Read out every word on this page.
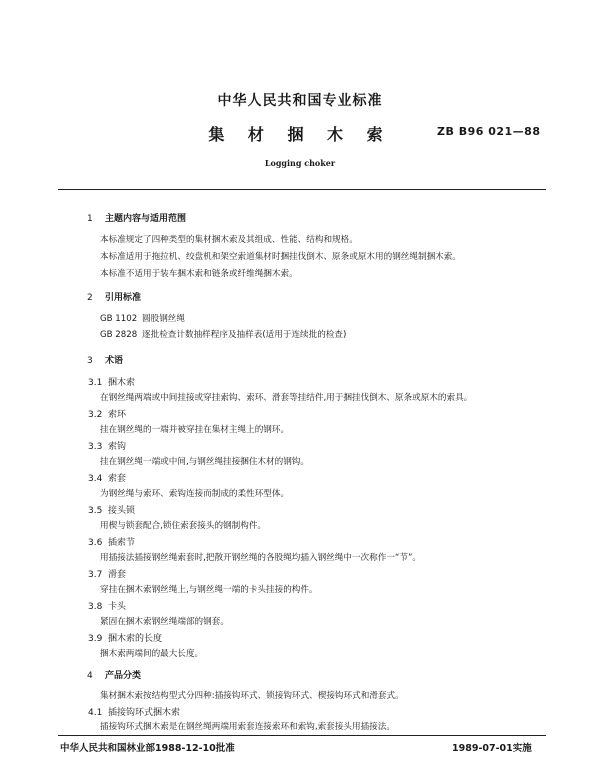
中华人民共和国专业标准
集 材 捆 木 索	ZB B96 021—88
Logging choker
1 主题内容与适用范围
本标准规定了四种类型的集材捆木索及其组成、性能、结构和规格。
本标准适用于拖拉机、绞盘机和架空索道集材时捆挂伐倒木、原条或原木用的钢丝绳制捆木索。
本标准不适用于装车捆木索和链条或纤维绳捆木索。
2 引用标准
GB 1102 圆股钢丝绳
GB 2828 逐批检查计数抽样程序及抽样表(适用于连续批的检查)
3 术语
3.1 捆木索
在钢丝绳两端或中间挂接或穿挂索钩、索环、滑套等挂结件,用于捆挂伐倒木、原条或原木的索具。
3.2 索环
挂在钢丝绳的一端并被穿挂在集材主绳上的钢环。
3.3 索钩
挂在钢丝绳一端或中间,与钢丝绳挂接捆住木材的钢钩。
3.4 索套
为钢丝绳与索环、索钩连接而制成的柔性环型体。
3.5 接头锁
用楔与锁套配合,锁住索套接头的钢制构件。
3.6 插索节
用插接法插接钢丝绳索套时,把散开钢丝绳的各股绳均插入钢丝绳中一次称作一“节”。
3.7 滑套
穿挂在捆木索钢丝绳上,与钢丝绳一端的卡头挂接的构件。
3.8 卡头
紧固在捆木索钢丝绳端部的钢套。
3.9 捆木索的长度
捆木索两端间的最大长度。
4 产品分类
集材捆木索按结构型式分四种:插接钩环式、锁接钩环式、楔接钩环式和滑套式。
4.1 插接钩环式捆木索
插接钩环式捆木索是在钢丝绳两端用索套连接索环和索钩,索套接头用插接法。
中华人民共和国林业部1988-12-10批准	1989-07-01实施
